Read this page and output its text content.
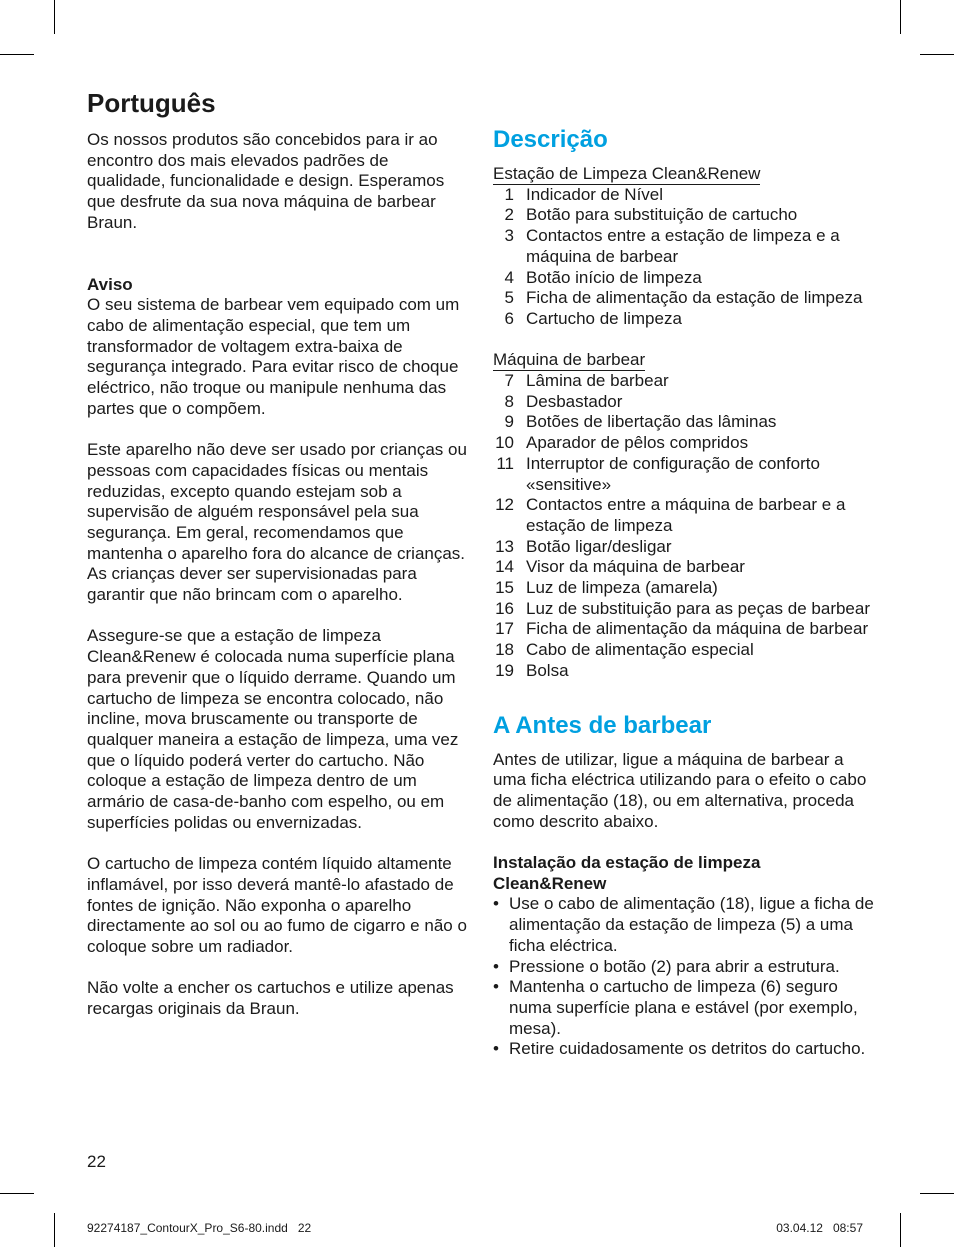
Português

Os nossos produtos são concebidos para ir ao encontro dos mais elevados padrões de qualidade, funcionalidade e design. Esperamos que desfrute da sua nova máquina de barbear Braun.

Aviso

O seu sistema de barbear vem equipado com um cabo de alimentação especial, que tem um transformador de voltagem extra-baixa de segurança integrado. Para evitar risco de choque eléctrico, não troque ou manipule nenhuma das partes que o compõem.

Este aparelho não deve ser usado por crianças ou pessoas com capacidades físicas ou mentais reduzidas, excepto quando estejam sob a supervisão de alguém responsável pela sua segurança. Em geral, recomendamos que mantenha o aparelho fora do alcance de crianças. As crianças dever ser supervisionadas para garantir que não brincam com o aparelho.

Assegure-se que a estação de limpeza Clean&Renew é colocada numa superfície plana para prevenir que o líquido derrame. Quando um cartucho de limpeza se encontra colocado, não incline, mova bruscamente ou transporte de qualquer maneira a estação de limpeza, uma vez que o líquido poderá verter do cartucho. Não coloque a estação de limpeza dentro de um armário de casa-de-banho com espelho, ou em superfícies polidas ou envernizadas.

O cartucho de limpeza contém líquido altamente inflamável, por isso deverá mantê-lo afastado de fontes de ignição. Não exponha o aparelho directamente ao sol ou ao fumo de cigarro e não o coloque sobre um radiador.

Não volte a encher os cartuchos e utilize apenas recargas originais da Braun.

Descrição
Estação de Limpeza Clean&Renew
1 Indicador de Nível
2 Botão para substituição de cartucho
3 Contactos entre a estação de limpeza e a máquina de barbear
4 Botão início de limpeza
5 Ficha de alimentação da estação de limpeza
6 Cartucho de limpeza
Máquina de barbear
7 Lâmina de barbear
8 Desbastador
9 Botões de libertação das lâminas
10 Aparador de pêlos compridos
11 Interruptor de configuração de conforto «sensitive»
12 Contactos entre a máquina de barbear e a estação de limpeza
13 Botão ligar/desligar
14 Visor da máquina de barbear
15 Luz de limpeza (amarela)
16 Luz de substituição para as peças de barbear
17 Ficha de alimentação da máquina de barbear
18 Cabo de alimentação especial
19 Bolsa
A Antes de barbear

Antes de utilizar, ligue a máquina de barbear a uma ficha eléctrica utilizando para o efeito o cabo de alimentação (18), ou em alternativa, proceda como descrito abaixo.

Instalação da estação de limpeza Clean&Renew

• Use o cabo de alimentação (18), ligue a ficha de alimentação da estação de limpeza (5) a uma ficha eléctrica.
• Pressione o botão (2) para abrir a estrutura.
• Mantenha o cartucho de limpeza (6) seguro numa superfície plana e estável (por exemplo, mesa).
• Retire cuidadosamente os detritos do cartucho.
22
92274187_ContourX_Pro_S6-80.indd   22	03.04.12   08:57
